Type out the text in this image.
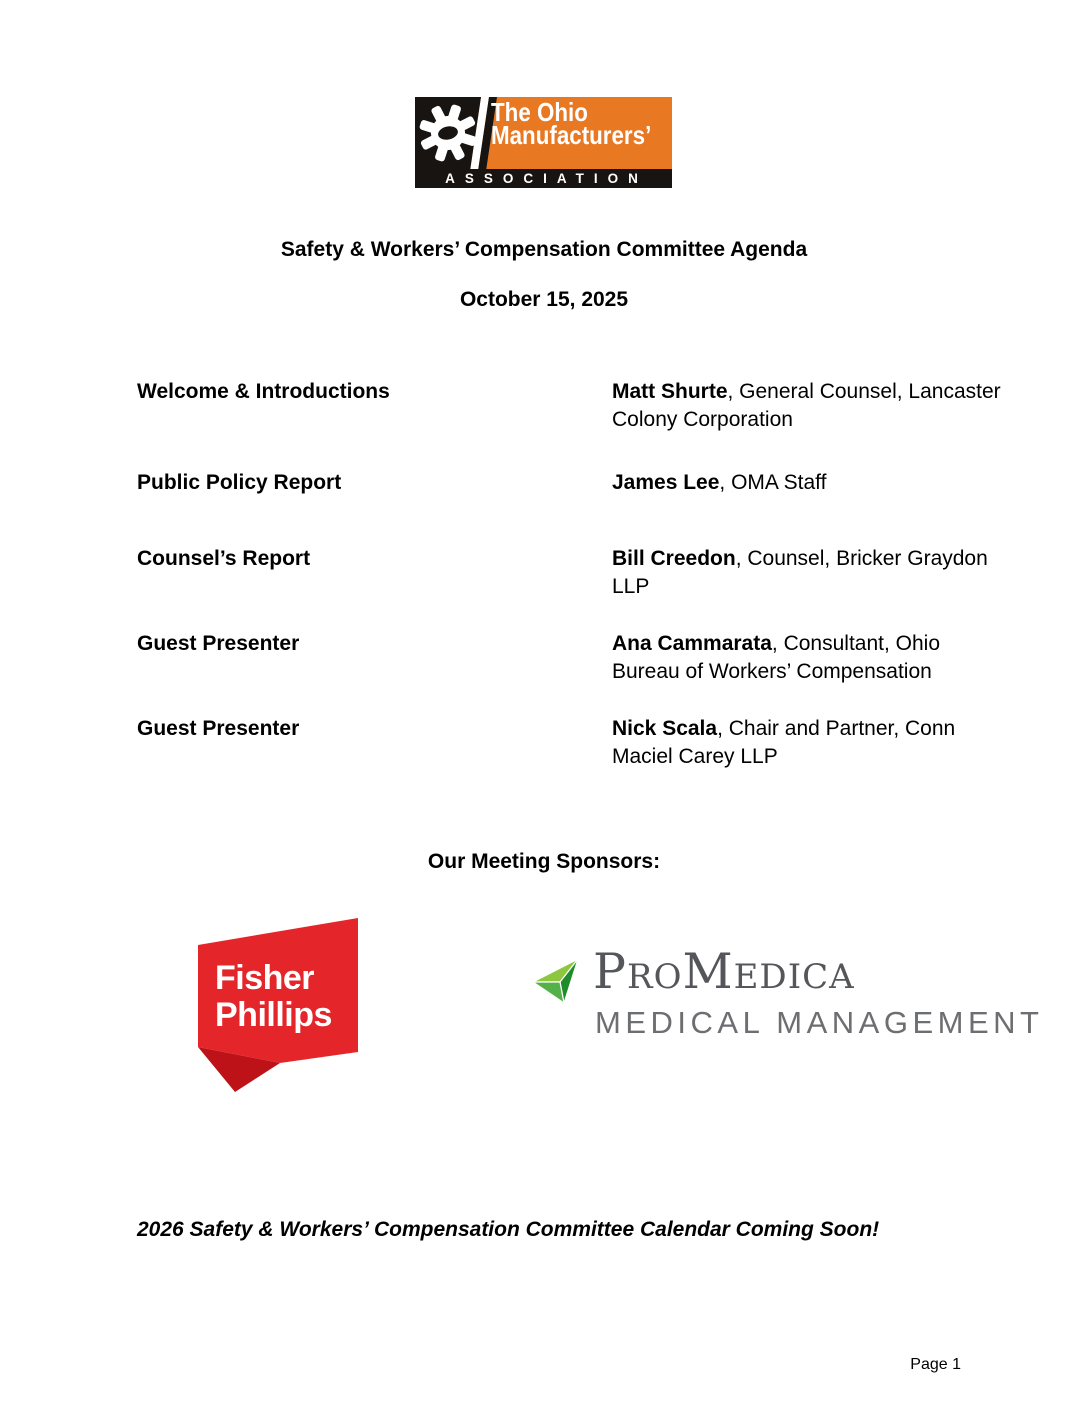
The Ohio
Manufacturers’
ASSOCIATION
Safety & Workers’ Compensation Committee Agenda
October 15, 2025
Welcome & Introductions	Matt Shurte, General Counsel, Lancaster Colony Corporation
Public Policy Report	James Lee, OMA Staff
Counsel’s Report	Bill Creedon, Counsel, Bricker Graydon LLP
Guest Presenter	Ana Cammarata, Consultant, Ohio Bureau of Workers’ Compensation
Guest Presenter	Nick Scala, Chair and Partner, Conn Maciel Carey LLP
Our Meeting Sponsors:
Fisher
Phillips
ProMedica
MEDICAL MANAGEMENT
2026 Safety & Workers’ Compensation Committee Calendar Coming Soon!
Page 1
